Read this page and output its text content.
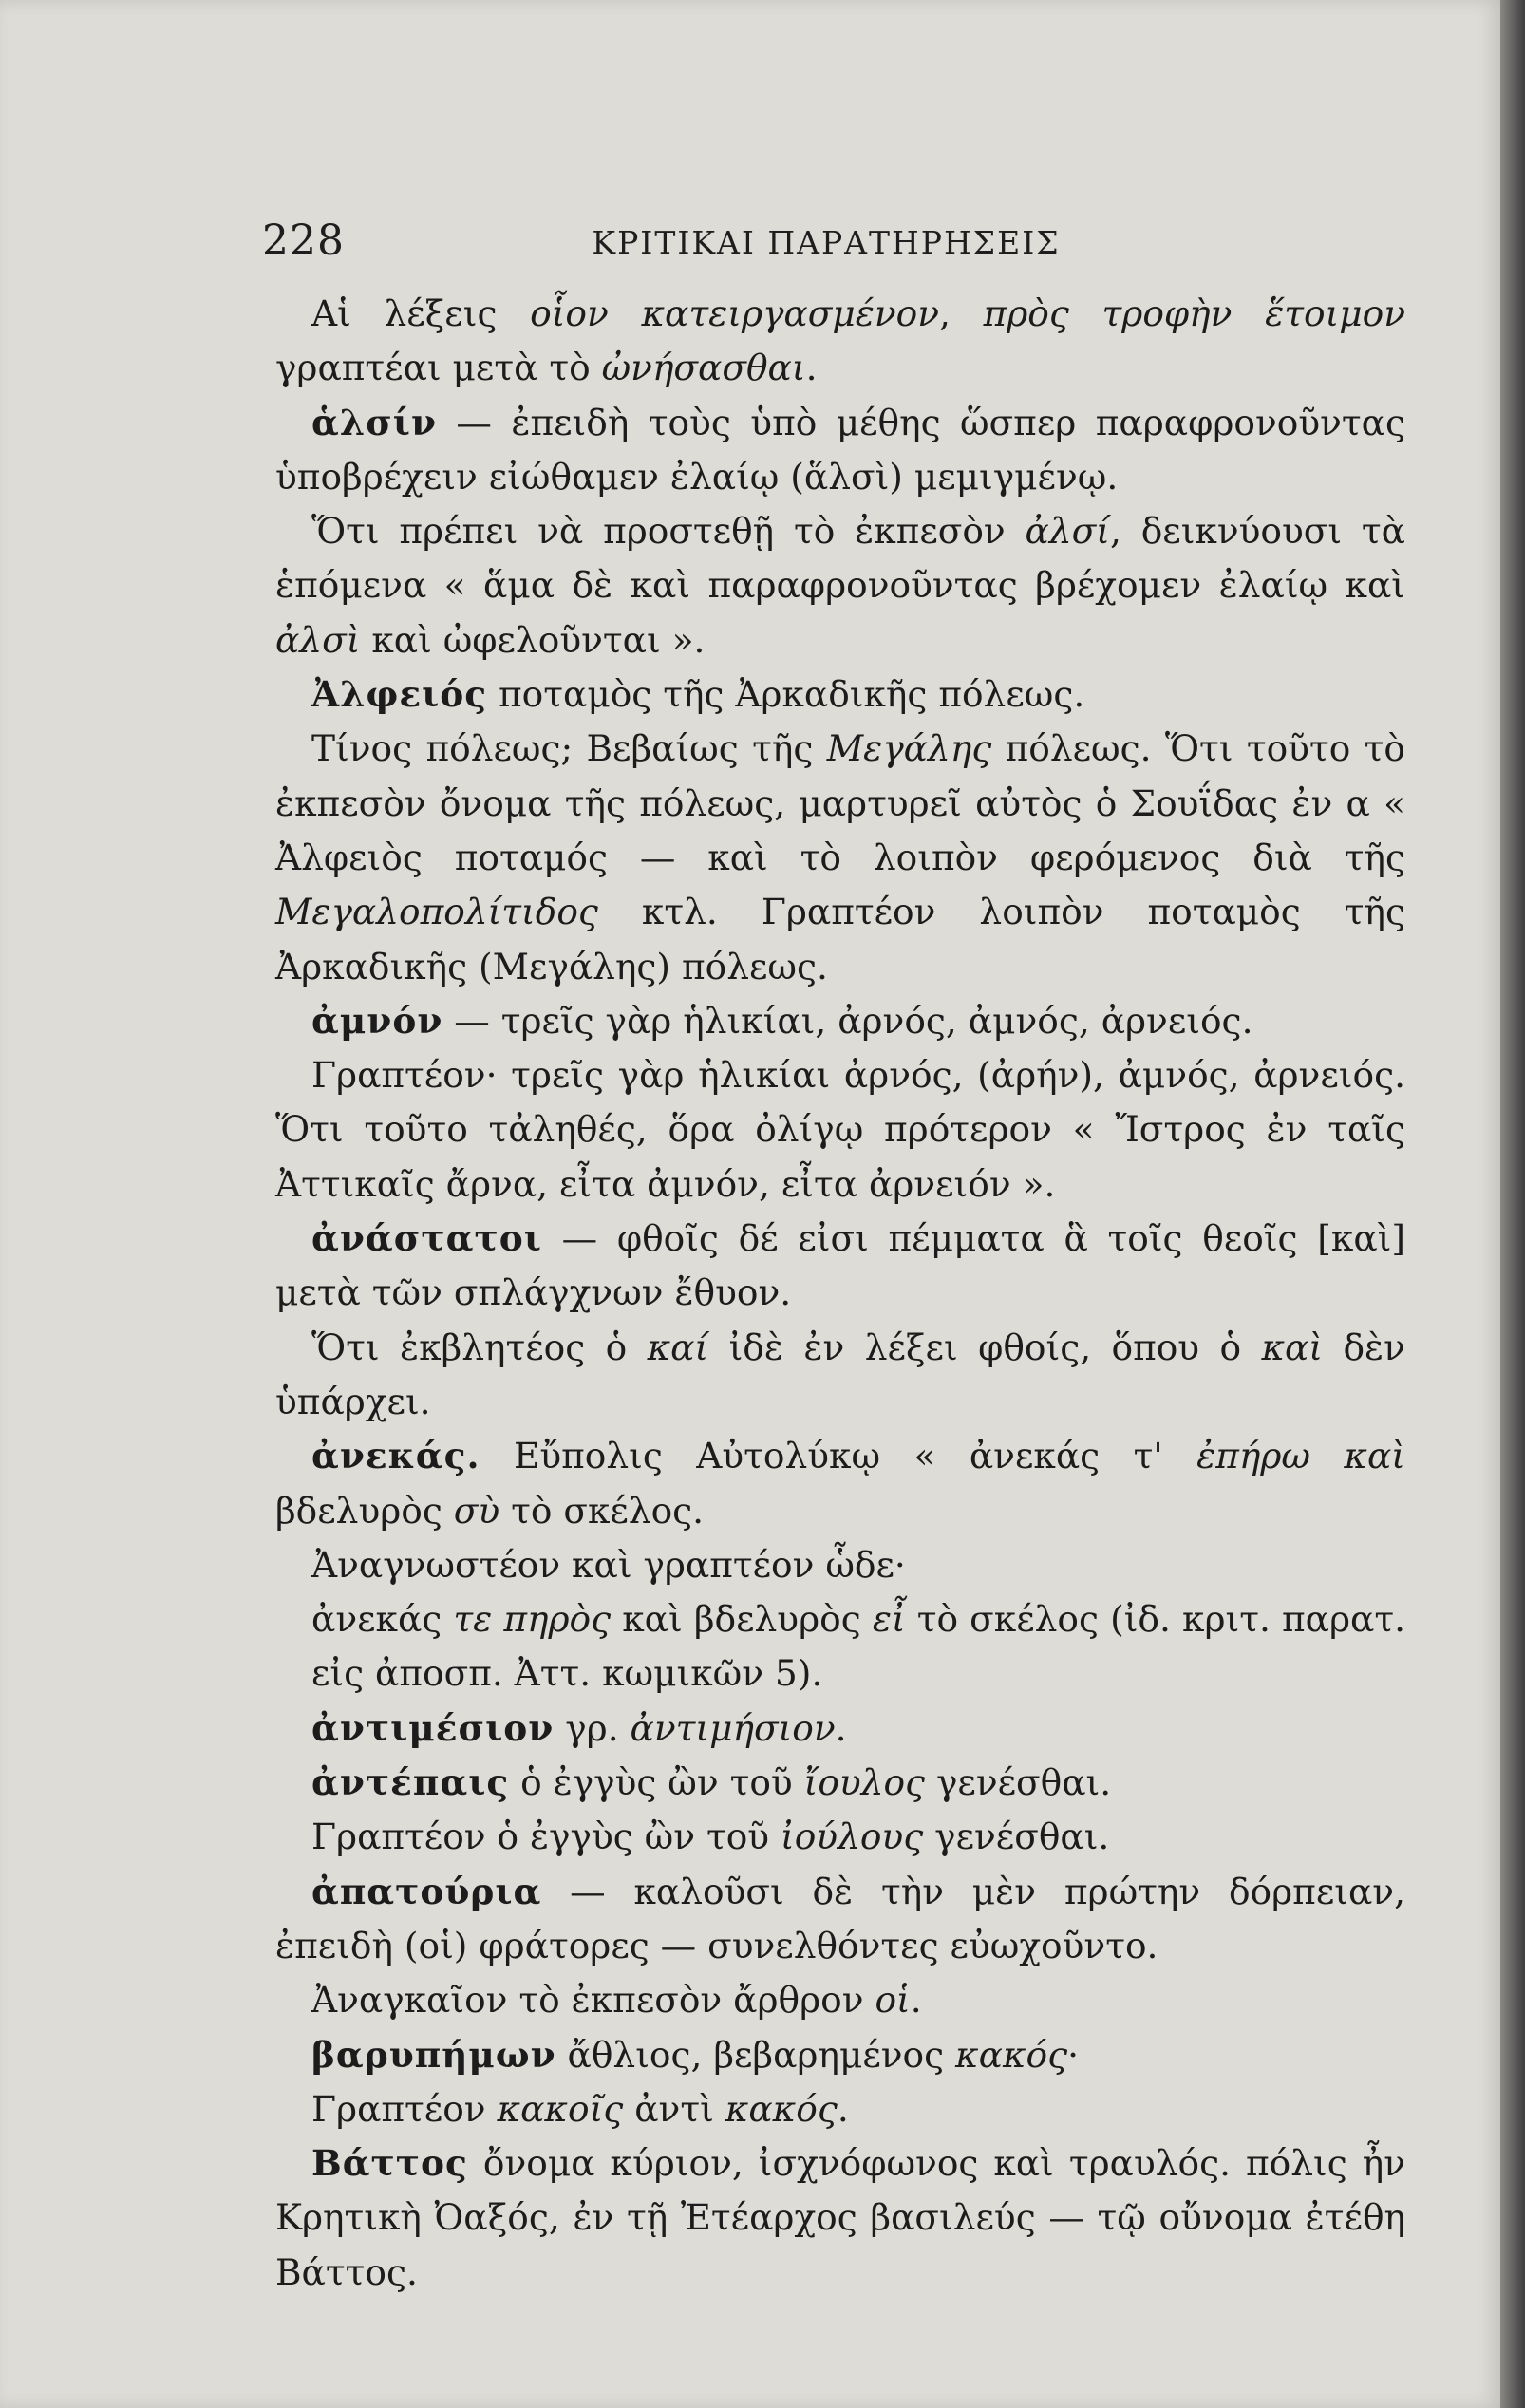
228	ΚΡΙΤΙΚΑΙ ΠΑΡΑΤΗΡΗΣΕΙΣ

Αἱ λέξεις οἷον κατειργασμένον, πρὸς τροφὴν ἕτοιμον γραπτέαι μετὰ τὸ ὠνήσασθαι.

ἁλσίν — ἐπειδὴ τοὺς ὑπὸ μέθης ὥσπερ παραφρονοῦντας ὑποβρέχειν εἰώθαμεν ἐλαίῳ (ἅλσὶ) μεμιγμένῳ.

Ὅτι πρέπει νὰ προστεθῇ τὸ ἐκπεσὸν ἀλσί, δεικνύουσι τὰ ἑπόμενα « ἅμα δὲ καὶ παραφρονοῦντας βρέχομεν ἐλαίῳ καὶ ἀλσὶ καὶ ὠφελοῦνται ».

Ἀλφειός ποταμὸς τῆς Ἀρκαδικῆς πόλεως.

Τίνος πόλεως; Βεβαίως τῆς Μεγάλης πόλεως. Ὅτι τοῦτο τὸ ἐκπεσὸν ὄνομα τῆς πόλεως, μαρτυρεῖ αὐτὸς ὁ Σουΐδας ἐν α « Ἀλφειὸς ποταμός — καὶ τὸ λοιπὸν φερόμενος διὰ τῆς Μεγαλοπολίτιδος κτλ. Γραπτέον λοιπὸν ποταμὸς τῆς Ἀρκαδικῆς (Μεγάλης) πόλεως.

ἀμνόν — τρεῖς γὰρ ἡλικίαι, ἀρνός, ἀμνός, ἀρνειός.

Γραπτέον· τρεῖς γὰρ ἡλικίαι ἀρνός, (ἀρήν), ἀμνός, ἀρνειός. Ὅτι τοῦτο τἀληθές, ὅρα ὀλίγῳ πρότερον « Ἴστρος ἐν ταῖς Ἀττικαῖς ἄρνα, εἶτα ἀμνόν, εἶτα ἀρνειόν ».

ἀνάστατοι — φθοῖς δέ εἰσι πέμματα ἃ τοῖς θεοῖς [καὶ] μετὰ τῶν σπλάγχνων ἔθυον.

Ὅτι ἐκβλητέος ὁ καί ἰδὲ ἐν λέξει φθοίς, ὅπου ὁ καὶ δὲν ὑπάρχει.

ἀνεκάς. Εὔπολις Αὐτολύκῳ « ἀνεκάς τ' ἐπήρω καὶ βδελυρὸς σὺ τὸ σκέλος.

Ἀναγνωστέον καὶ γραπτέον ὧδε·

ἀνεκάς τε πηρὸς καὶ βδελυρὸς εἶ τὸ σκέλος (ἰδ. κριτ. παρατ. εἰς ἀποσπ. Ἀττ. κωμικῶν 5).

ἀντιμέσιον γρ. ἀντιμήσιον.

ἀντέπαις ὁ ἐγγὺς ὢν τοῦ ἴουλος γενέσθαι.

Γραπτέον ὁ ἐγγὺς ὢν τοῦ ἰούλους γενέσθαι.

ἀπατούρια — καλοῦσι δὲ τὴν μὲν πρώτην δόρπειαν, ἐπειδὴ (οἱ) φράτορες — συνελθόντες εὐωχοῦντο.

Ἀναγκαῖον τὸ ἐκπεσὸν ἄρθρον οἱ.

βαρυπήμων ἄθλιος, βεβαρημένος κακός·

Γραπτέον κακοῖς ἀντὶ κακός.

Βάττος ὄνομα κύριον, ἰσχνόφωνος καὶ τραυλός. πόλις ἦν Κρητικὴ Ὀαξός, ἐν τῇ Ἐτέαρχος βασιλεύς — τῷ οὔνομα ἐτέθη Βάττος.
